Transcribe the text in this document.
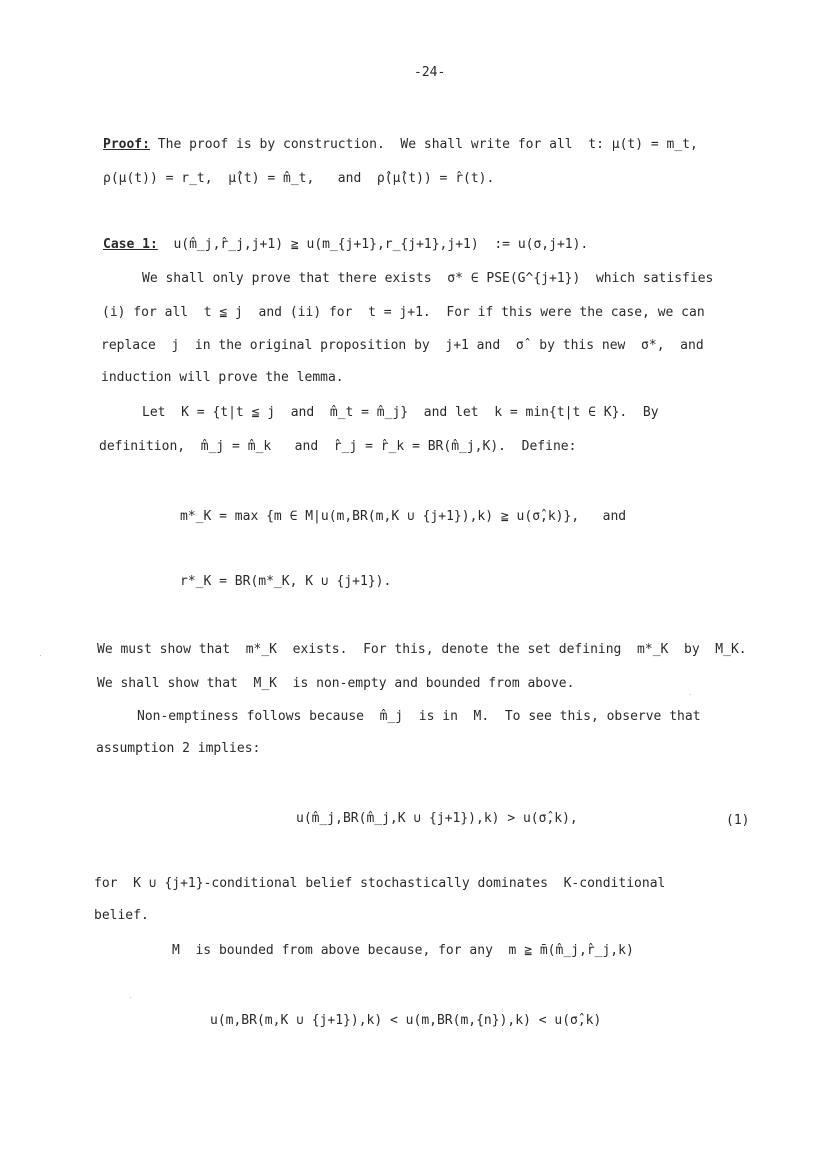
-24-
Proof: The proof is by construction.  We shall write for all  t: μ(t) = m_t,
ρ(μ(t)) = r_t,  μ̂(t) = m̂_t,   and  ρ̂(μ̂(t)) = r̂(t).
Case 1:  u(m̂_j,r̂_j,j+1) ≧ u(m_{j+1},r_{j+1},j+1)  := u(σ,j+1).
We shall only prove that there exists  σ* ∈ PSE(G^{j+1})  which satisfies
(i) for all  t ≦ j  and (ii) for  t = j+1.  For if this were the case, we can
replace  j  in the original proposition by  j+1 and  σ̂  by this new  σ*,  and
induction will prove the lemma.
Let  K = {t|t ≦ j  and  m̂_t = m̂_j}  and let  k = min{t|t ∈ K}.  By
definition,  m̂_j = m̂_k   and  r̂_j = r̂_k = BR(m̂_j,K).  Define:
m*_K = max {m ∈ M|u(m,BR(m,K ∪ {j+1}),k) ≧ u(σ̂,k)},   and
r*_K = BR(m*_K, K ∪ {j+1}).
We must show that  m*_K  exists.  For this, denote the set defining  m*_K  by  M_K.
We shall show that  M_K  is non-empty and bounded from above.
Non-emptiness follows because  m̂_j  is in  M.  To see this, observe that
assumption 2 implies:
u(m̂_j,BR(m̂_j,K ∪ {j+1}),k) > u(σ̂,k),	(1)
for  K ∪ {j+1}-conditional belief stochastically dominates  K-conditional
belief.
M  is bounded from above because, for any  m ≧ m̄(m̂_j,r̂_j,k)
u(m,BR(m,K ∪ {j+1}),k) < u(m,BR(m,{n}),k) < u(σ̂,k)
